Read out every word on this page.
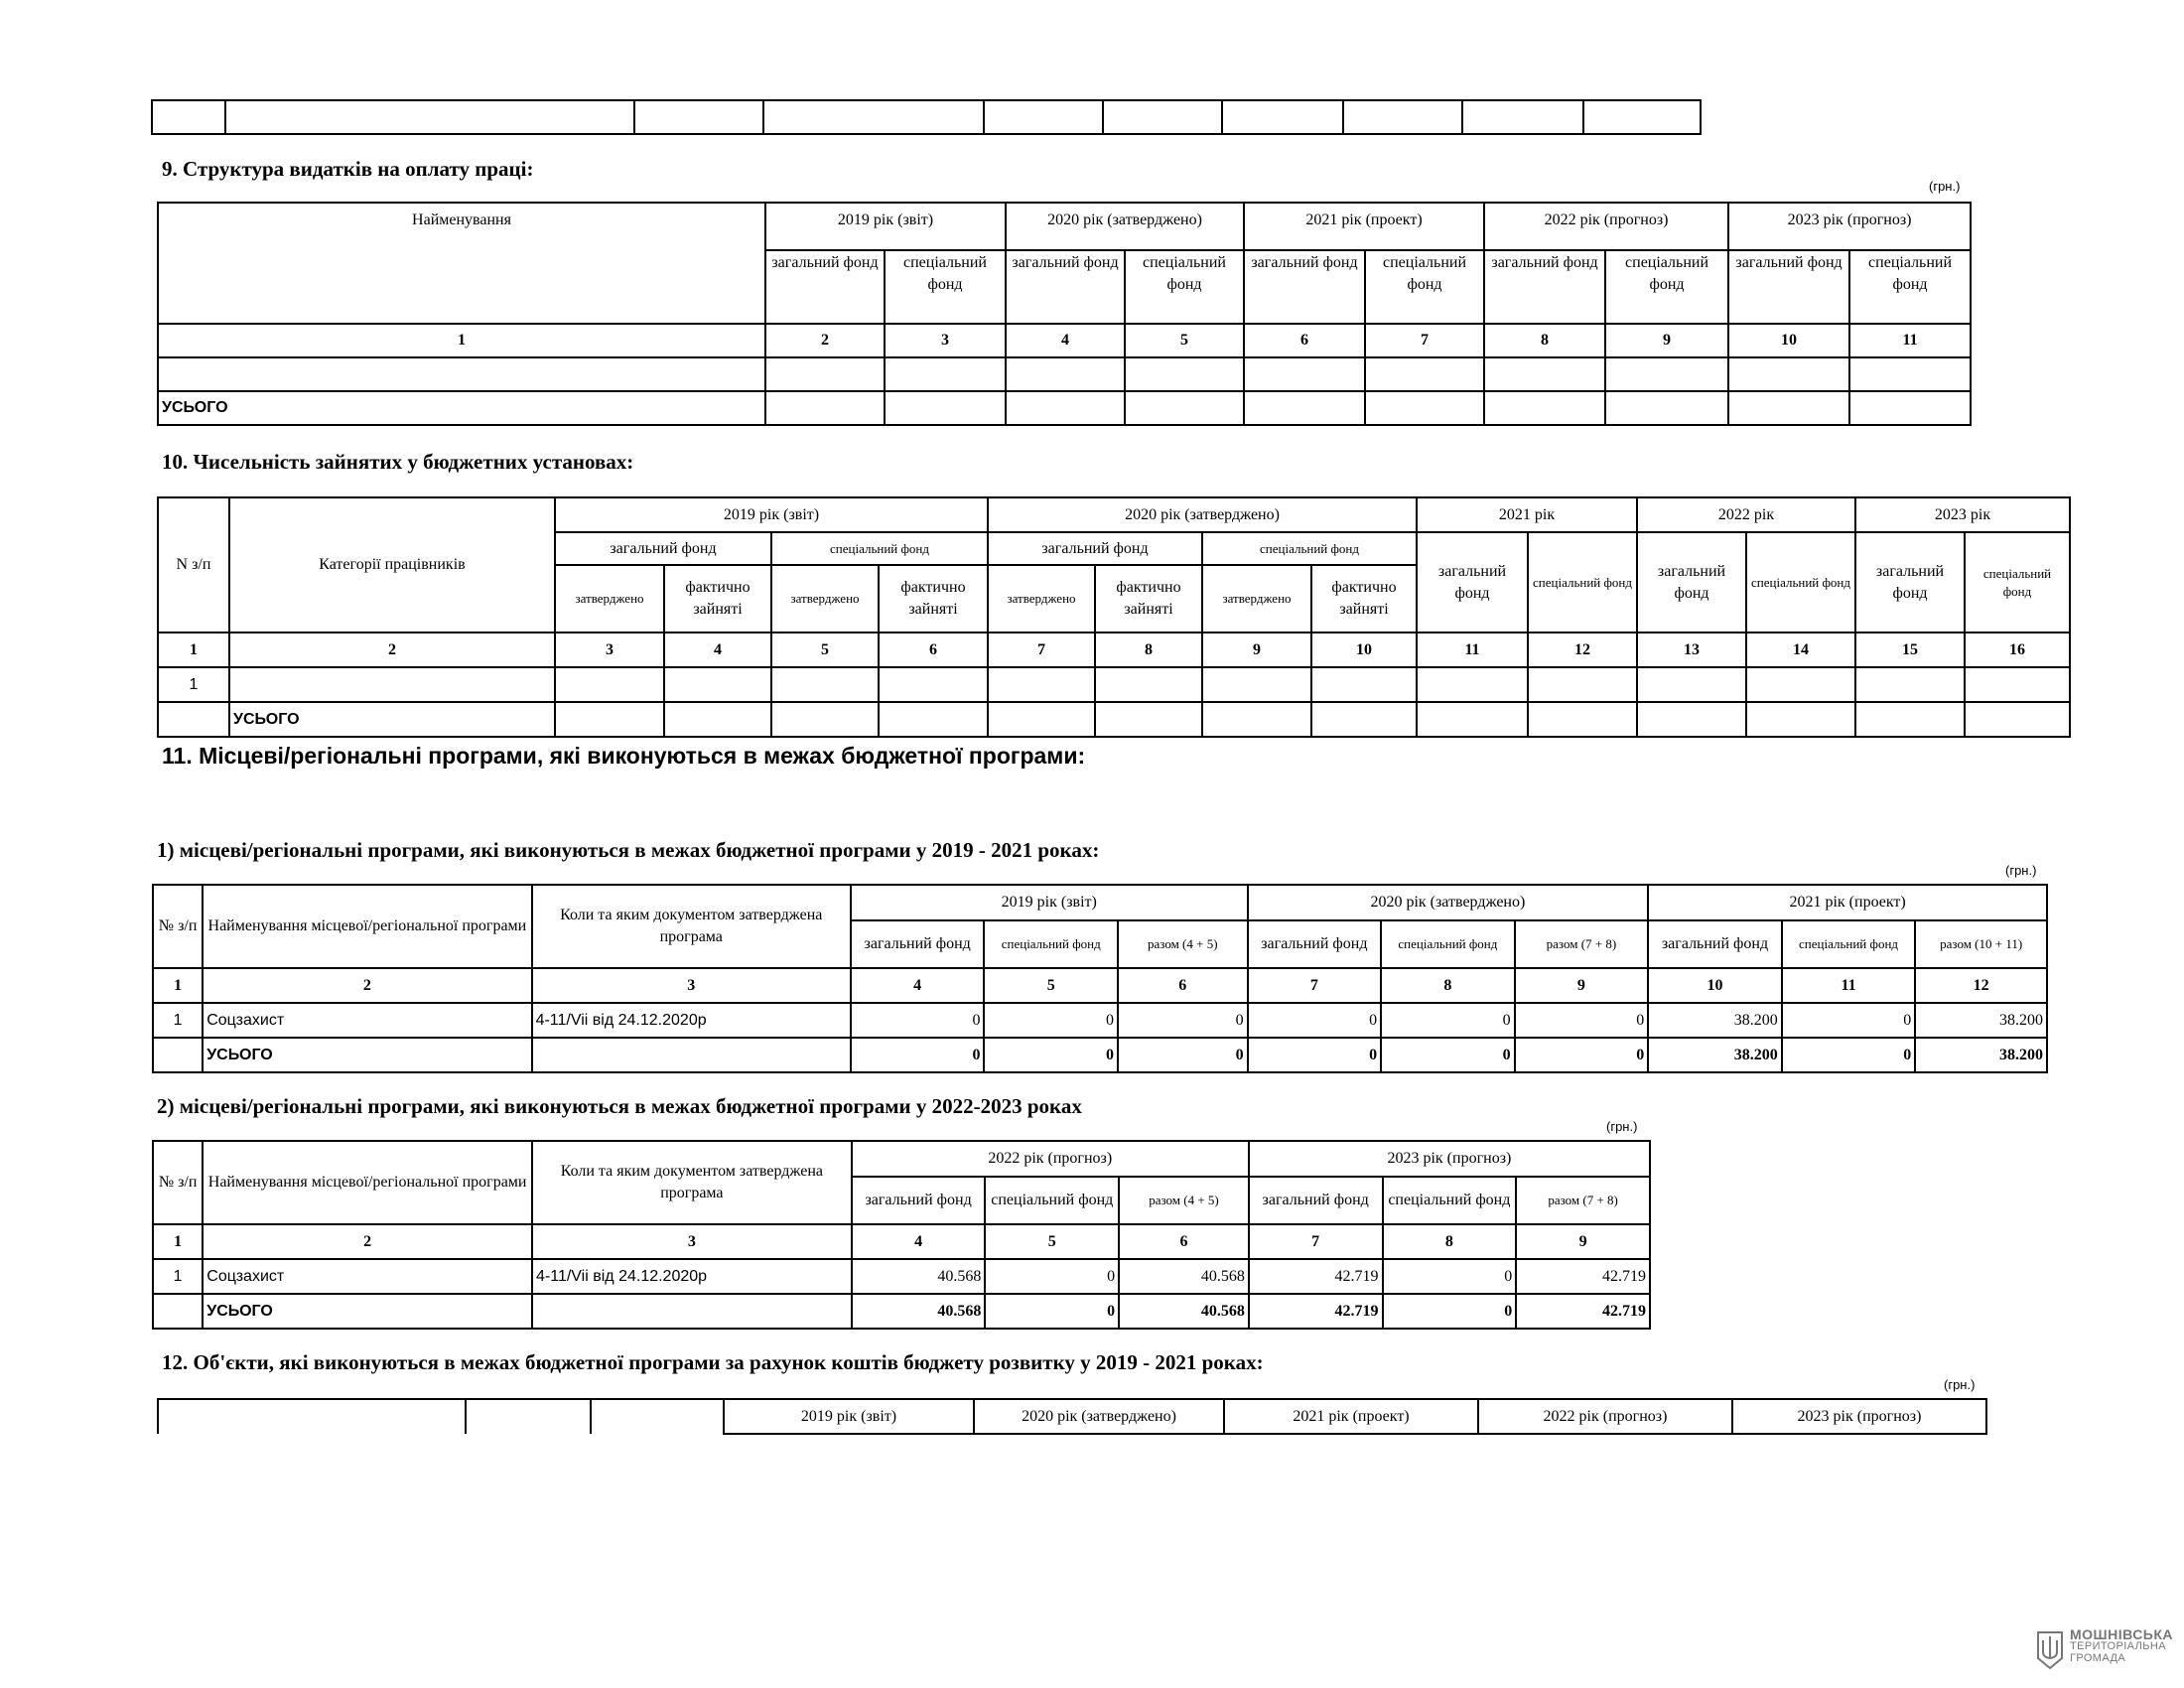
9. Структура видатків на оплату праці:
(грн.)
Найменування	2019 рік (звіт)		2020 рік (затверджено)		2021 рік (проект)		2022 рік (прогноз)		2023 рік (прогноз)	
	загальний фонд	спеціальний фонд	загальний фонд	спеціальний фонд	загальний фонд	спеціальний фонд	загальний фонд	спеціальний фонд	загальний фонд	спеціальний фонд
1	2	3	4	5	6	7	8	9	10	11

УСЬОГО										
10. Чисельність зайнятих у бюджетних установах:
N з/п	Категорії працівників	2019 рік (звіт)				2020 рік (затверджено)				2021 рік		2022 рік		2023 рік	
		загальний фонд		спеціальний фонд		загальний фонд		спеціальний фонд		загальний фонд	спеціальний фонд	загальний фонд	спеціальний фонд	загальний фонд	спеціальний фонд
		затверджено	фактично зайняті	затверджено	фактично зайняті	затверджено	фактично зайняті	затверджено	фактично зайняті						
1	2	3	4	5	6	7	8	9	10	11	12	13	14	15	16
1															
	УСЬОГО														
11. Місцеві/регіональні програми, які виконуються в межах бюджетної програми:
1) місцеві/регіональні програми, які виконуються в межах бюджетної програми у 2019 - 2021 роках:
(грн.)
№ з/п	Найменування місцевої/регіональної програми	Коли та яким документом затверджена програма	2019 рік (звіт)			2020 рік (затверджено)			2021 рік (проект)		
			загальний фонд	спеціальний фонд	разом (4 + 5)	загальний фонд	спеціальний фонд	разом (7 + 8)	загальний фонд	спеціальний фонд	разом (10 + 11)
1	2	3	4	5	6	7	8	9	10	11	12
1	Соцзахист	4-11/Vii від 24.12.2020р	0	0	0	0	0	0	38.200	0	38.200
	УСЬОГО		0	0	0	0	0	0	38.200	0	38.200
2) місцеві/регіональні програми, які виконуються в межах бюджетної програми у 2022-2023 роках
(грн.)
№ з/п	Найменування місцевої/регіональної програми	Коли та яким документом затверджена програма	2022 рік (прогноз)			2023 рік (прогноз)		
			загальний фонд	спеціальний фонд	разом (4 + 5)	загальний фонд	спеціальний фонд	разом (7 + 8)
1	2	3	4	5	6	7	8	9
1	Соцзахист	4-11/Vii від 24.12.2020р	40.568	0	40.568	42.719	0	42.719
	УСЬОГО		40.568	0	40.568	42.719	0	42.719
12. Об'єкти, які виконуються в межах бюджетної програми за рахунок коштів бюджету розвитку у 2019 - 2021 роках:
(грн.)
			2019 рік (звіт)	2020 рік (затверджено)	2021 рік (проект)	2022 рік (прогноз)	2023 рік (прогноз)
МОШНІВСЬКА
ТЕРИТОРІАЛЬНА
ГРОМАДА
